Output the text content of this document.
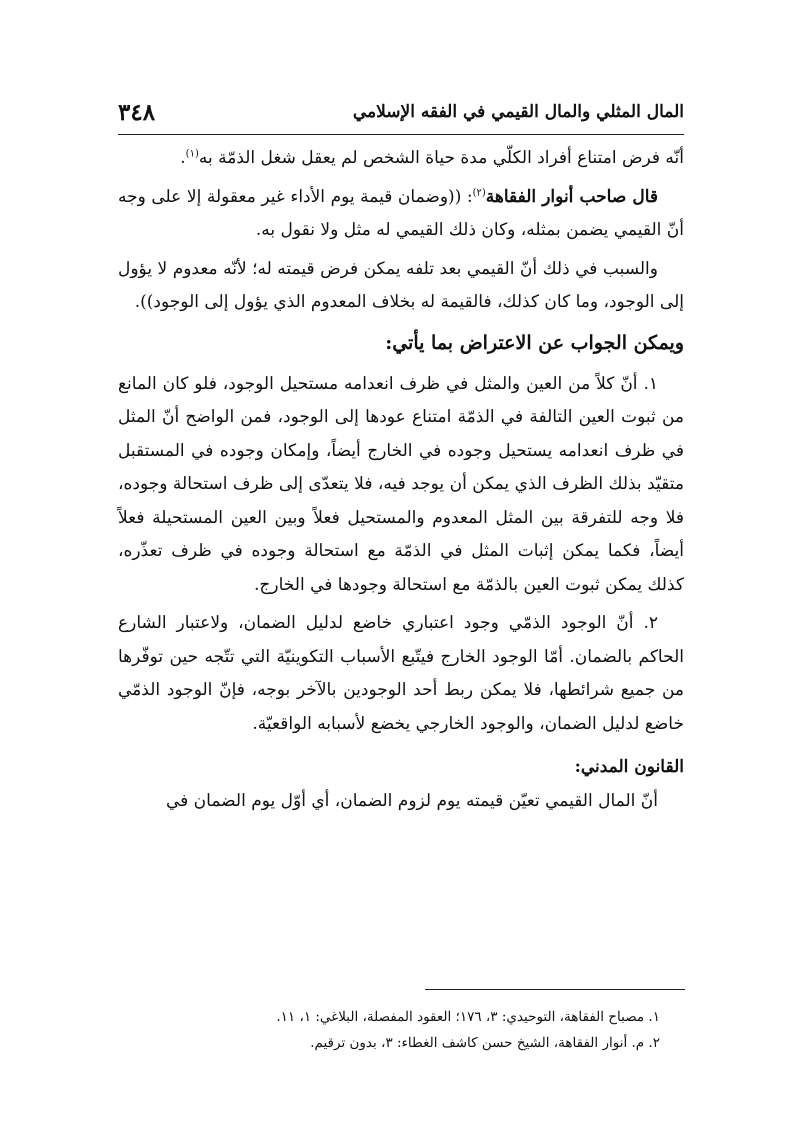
المال المثلي والمال القيمي في الفقه الإسلامي
٣٤٨

أنّه فرض امتناع أفراد الكلّي مدة حياة الشخص لم يعقل شغل الذمّة به$^{(١)}$.

قال صاحب أنوار الفقاهة$^{(٢)}$: ((وضمان قيمة يوم الأداء غير معقولة إلا على وجه أنّ القيمي يضمن بمثله، وكان ذلك القيمي له مثل ولا نقول به.

والسبب في ذلك أنّ القيمي بعد تلفه يمكن فرض قيمته له؛ لأنّه معدوم لا يؤول إلى الوجود، وما كان كذلك، فالقيمة له بخلاف المعدوم الذي يؤول إلى الوجود)).

ويمكن الجواب عن الاعتراض بما يأتي:

١. أنّ كلاً من العين والمثل في ظرف انعدامه مستحيل الوجود، فلو كان المانع من ثبوت العين التالفة في الذمّة امتناع عودها إلى الوجود، فمن الواضح أنّ المثل في ظرف انعدامه يستحيل وجوده في الخارج أيضاً، وإمكان وجوده في المستقبل متقيّد بذلك الظرف الذي يمكن أن يوجد فيه، فلا يتعدّى إلى ظرف استحالة وجوده، فلا وجه للتفرقة بين المثل المعدوم والمستحيل فعلاً وبين العين المستحيلة فعلاً أيضاً، فكما يمكن إثبات المثل في الذمّة مع استحالة وجوده في ظرف تعذّره، كذلك يمكن ثبوت العين بالذمّة مع استحالة وجودها في الخارج.

٢. أنّ الوجود الذمّي وجود اعتباري خاضع لدليل الضمان، ولاعتبار الشارع الحاكم بالضمان. أمّا الوجود الخارج فيتّبع الأسباب التكوينيّة التي تتّجه حين توفّرها من جميع شرائطها، فلا يمكن ربط أحد الوجودين بالآخر بوجه، فإنّ الوجود الذمّي خاضع لدليل الضمان، والوجود الخارجي يخضع لأسبابه الواقعيّة.

القانون المدني:

أنّ المال القيمي تعيّن قيمته يوم لزوم الضمان، أي أوّل يوم الضمان في

١. مصباح الفقاهة، التوحيدي: ٣، ١٧٦؛ العقود المفصلة، البلاغي: ١، ١١.

٢. م. أنوار الفقاهة، الشيخ حسن كاشف الغطاء: ٣، بدون ترقيم.
